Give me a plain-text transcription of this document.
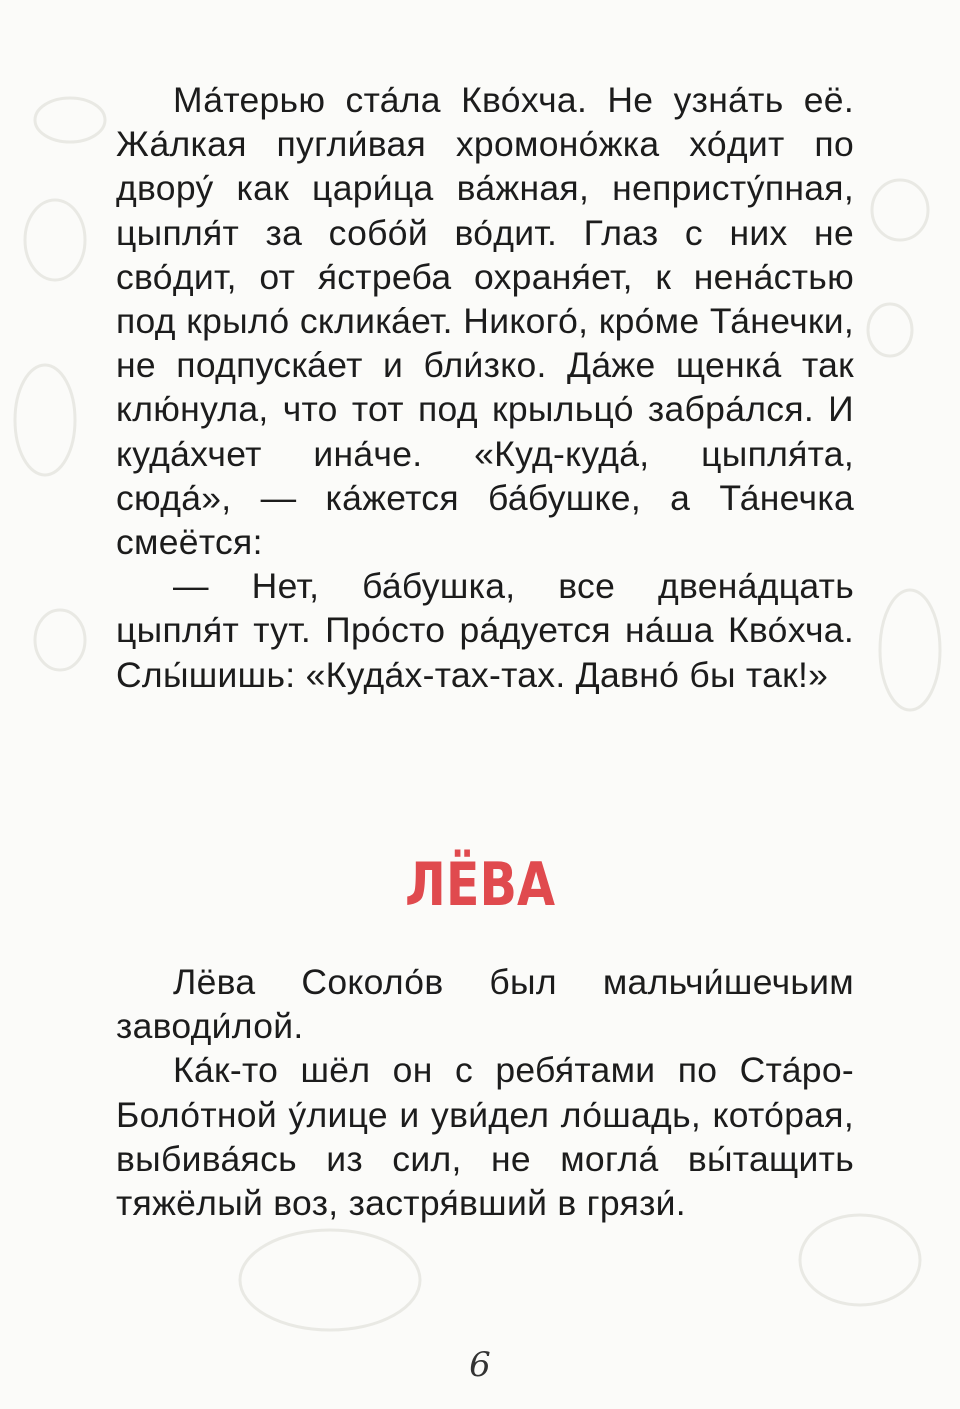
Ма́терью ста́ла Кво́хча. Не узна́ть её. Жа́лкая пугли́вая хромоно́жка хо́дит по двору́ как цари́ца ва́жная, непристу́пная, цыпля́т за собо́й во́дит. Глаз с них не сво́дит, от я́стреба охраня́ет, к нена́стью под крыло́ скликáет. Никого́, кро́ме Та́нечки, не подпускáет и бли́зко. Да́же щенка́ так клю́нула, что тот под крыльцо́ забра́лся. И куда́хчет ина́че. «Куд-куда́, цыпля́та, сюда́», — ка́жется ба́бушке, а Та́нечка смеётся:

— Нет, ба́бушка, все двена́дцать цыпля́т тут. Про́сто ра́дуется на́ша Кво́хча. Слы́шишь: «Куда́х-тах-тах. Давно́ бы так!»

ЛЁВА

Лёва Соколо́в был мальчи́шечьим заводи́лой.

Ка́к-то шёл он с ребя́тами по Ста́ро-Боло́тной у́лице и уви́дел ло́шадь, кото́рая, выбива́ясь из сил, не могла́ вы́тащить тяжёлый воз, застря́вший в грязи́.

6
